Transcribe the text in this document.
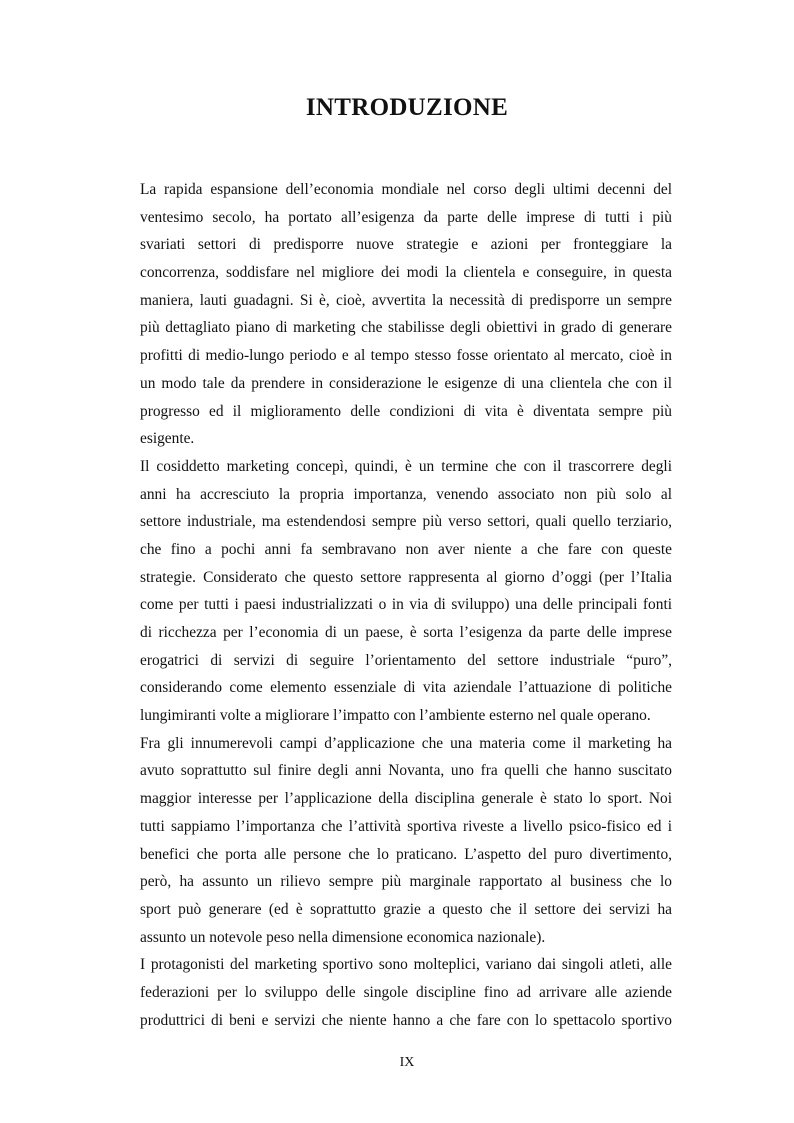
INTRODUZIONE
La rapida espansione dell’economia mondiale nel corso degli ultimi decenni del
ventesimo secolo, ha portato all’esigenza da parte delle imprese di tutti i più
svariati settori di predisporre nuove strategie e azioni per fronteggiare la
concorrenza, soddisfare nel migliore dei modi la clientela e conseguire, in questa
maniera, lauti guadagni. Si è, cioè, avvertita la necessità di predisporre un sempre
più dettagliato piano di marketing che stabilisse degli obiettivi in grado di generare
profitti di medio-lungo periodo e al tempo stesso fosse orientato al mercato, cioè in
un modo tale da prendere in considerazione le esigenze di una clientela che con il
progresso ed il miglioramento delle condizioni di vita è diventata sempre più
esigente.
Il cosiddetto marketing concepì, quindi, è un termine che con il trascorrere degli
anni ha accresciuto la propria importanza, venendo associato non più solo al
settore industriale, ma estendendosi sempre più verso settori, quali quello terziario,
che fino a pochi anni fa sembravano non aver niente a che fare con queste
strategie. Considerato che questo settore rappresenta al giorno d’oggi (per l’Italia
come per tutti i paesi industrializzati o in via di sviluppo) una delle principali fonti
di ricchezza per l’economia di un paese, è sorta l’esigenza da parte delle imprese
erogatrici di servizi di seguire l’orientamento del settore industriale “puro”,
considerando come elemento essenziale di vita aziendale l’attuazione di politiche
lungimiranti volte a migliorare l’impatto con l’ambiente esterno nel quale operano.
Fra gli innumerevoli campi d’applicazione che una materia come il marketing ha
avuto soprattutto sul finire degli anni Novanta, uno fra quelli che hanno suscitato
maggior interesse per l’applicazione della disciplina generale è stato lo sport. Noi
tutti sappiamo l’importanza che l’attività sportiva riveste a livello psico-fisico ed i
benefici che porta alle persone che lo praticano. L’aspetto del puro divertimento,
però, ha assunto un rilievo sempre più marginale rapportato al business che lo
sport può generare (ed è soprattutto grazie a questo che il settore dei servizi ha
assunto un notevole peso nella dimensione economica nazionale).
I protagonisti del marketing sportivo sono molteplici, variano dai singoli atleti, alle
federazioni per lo sviluppo delle singole discipline fino ad arrivare alle aziende
produttrici di beni e servizi che niente hanno a che fare con lo spettacolo sportivo
IX
